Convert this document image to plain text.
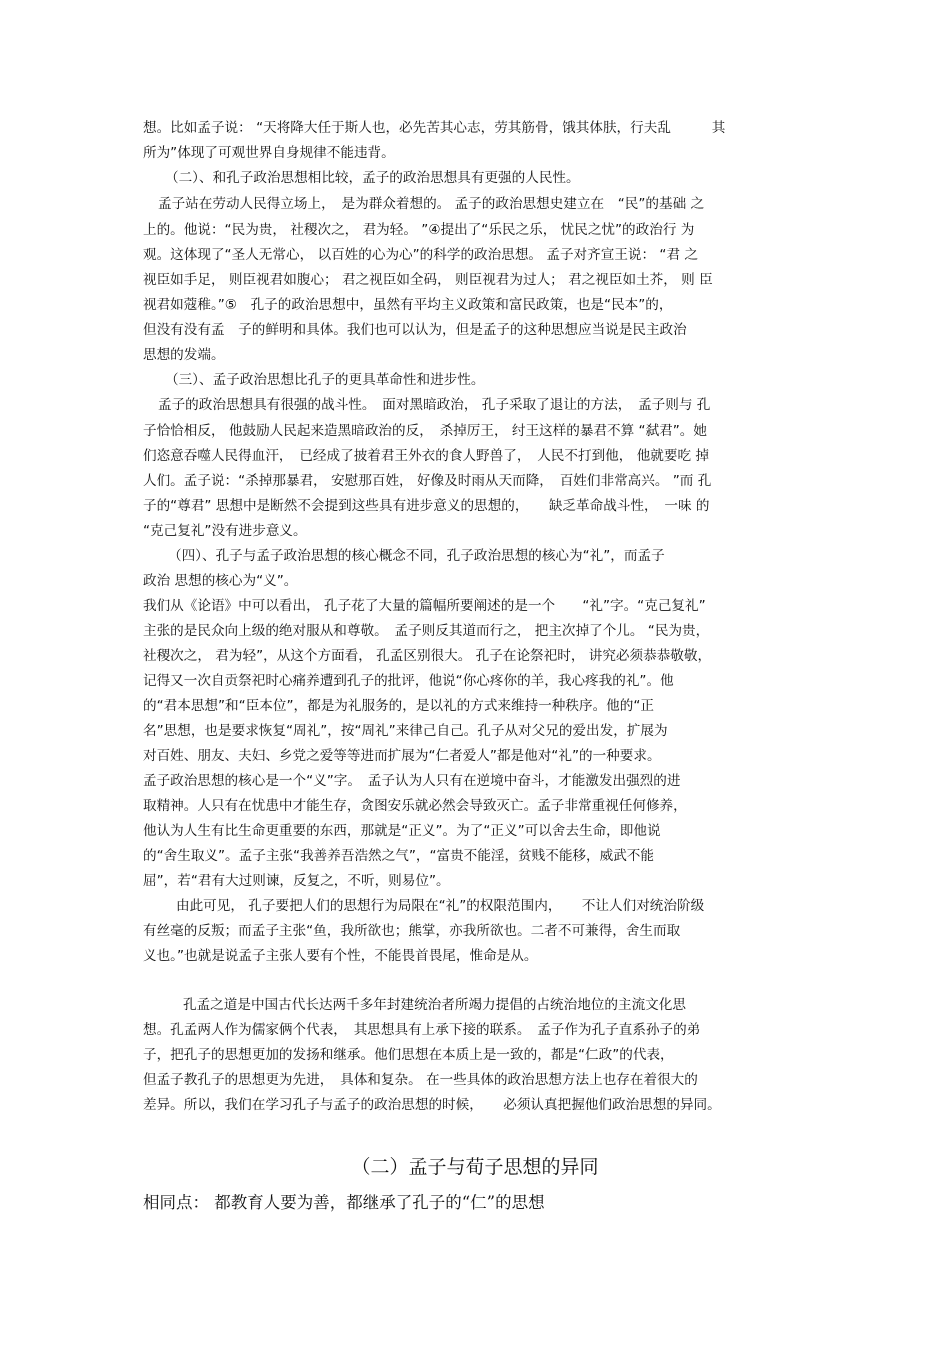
想。比如孟子说： “天将降大任于斯人也，必先苦其心志，劳其筋骨，饿其体肤，行夫乱　　　其
所为”体现了可观世界自身规律不能违背。
（二）、和孔子政治思想相比较，孟子的政治思想具有更强的人民性。
孟子站在劳动人民得立场上，　是为群众着想的。 孟子的政治思想史建立在　“民”的基础 之
上的。他说：“民为贵， 社稷次之， 君为轻。 ”④提出了“乐民之乐， 忧民之忧”的政治行 为
观。这体现了“圣人无常心， 以百姓的心为心”的科学的政治思想。 孟子对齐宣王说： “君 之
视臣如手足， 则臣视君如腹心； 君之视臣如全码， 则臣视君为过人； 君之视臣如土芥， 则 臣
视君如蔻稚。”⑤　孔子的政治思想中，虽然有平均主义政策和富民政策，也是“民本”的，
但没有没有孟　子的鲜明和具体。我们也可以认为，但是孟子的这种思想应当说是民主政治
思想的发端。
（三）、孟子政治思想比孔子的更具革命性和进步性。
孟子的政治思想具有很强的战斗性。　面对黑暗政治， 孔子采取了退让的方法，　孟子则与 孔
子恰恰相反， 他鼓励人民起来造黑暗政治的反，　杀掉厉王， 纣王这样的暴君不算 “弑君”。她
们恣意吞噬人民得血汗，　已经成了披着君王外衣的食人野兽了，　人民不打到他， 他就要吃 掉
人们。孟子说：“杀掉那暴君， 安慰那百姓， 好像及时雨从天而降，　百姓们非常高兴。 ”而 孔
子的“尊君” 思想中是断然不会提到这些具有进步意义的思想的，　　缺乏革命战斗性，　一味 的
“克己复礼”没有进步意义。
（四）、孔子与孟子政治思想的核心概念不同，孔子政治思想的核心为“礼”，而孟子
政治 思想的核心为“义”。
我们从《论语》中可以看出， 孔子花了大量的篇幅所要阐述的是一个　　“礼”字。“克己复礼”
主张的是民众向上级的绝对服从和尊敬。　孟子则反其道而行之， 把主次掉了个儿。 “民为贵，
社稷次之， 君为轻”，从这个方面看， 孔孟区别很大。 孔子在论祭祀时， 讲究必须恭恭敬敬，
记得又一次自贡祭祀时心痛养遭到孔子的批评，他说“你心疼你的羊，我心疼我的礼”。他
的“君本思想”和“臣本位”，都是为礼服务的，是以礼的方式来维持一种秩序。他的“正
名”思想，也是要求恢复“周礼”，按“周礼”来律己自己。孔子从对父兄的爱出发，扩展为
对百姓、朋友、夫妇、乡党之爱等等进而扩展为“仁者爱人”都是他对“礼”的一种要求。
孟子政治思想的核心是一个“义”字。　孟子认为人只有在逆境中奋斗，才能激发出强烈的进
取精神。人只有在忧患中才能生存，贪图安乐就必然会导致灭亡。孟子非常重视任何修养，
他认为人生有比生命更重要的东西，那就是“正义”。为了“正义”可以舍去生命，即他说
的“舍生取义”。孟子主张“我善养吾浩然之气”，“富贵不能淫，贫贱不能移，威武不能
屈”，若“君有大过则谏，反复之，不听，则易位”。
由此可见， 孔子要把人们的思想行为局限在“礼”的权限范围内，　　不让人们对统治阶级
有丝毫的反叛；而孟子主张“鱼，我所欲也；熊掌，亦我所欲也。二者不可兼得，舍生而取
义也。”也就是说孟子主张人要有个性，不能畏首畏尾，惟命是从。
孔孟之道是中国古代长达两千多年封建统治者所竭力提倡的占统治地位的主流文化思
想。孔孟两人作为儒家俩个代表，　其思想具有上承下接的联系。　孟子作为孔子直系孙子的弟
子，把孔子的思想更加的发扬和继承。他们思想在本质上是一致的，都是“仁政”的代表，
但孟子教孔子的思想更为先进，　具体和复杂。 在一些具体的政治思想方法上也存在着很大的
差异。所以，我们在学习孔子与孟子的政治思想的时候，　　必须认真把握他们政治思想的异同。
（二）孟子与荀子思想的异同
相同点： 都教育人要为善，都继承了孔子的“仁”的思想
